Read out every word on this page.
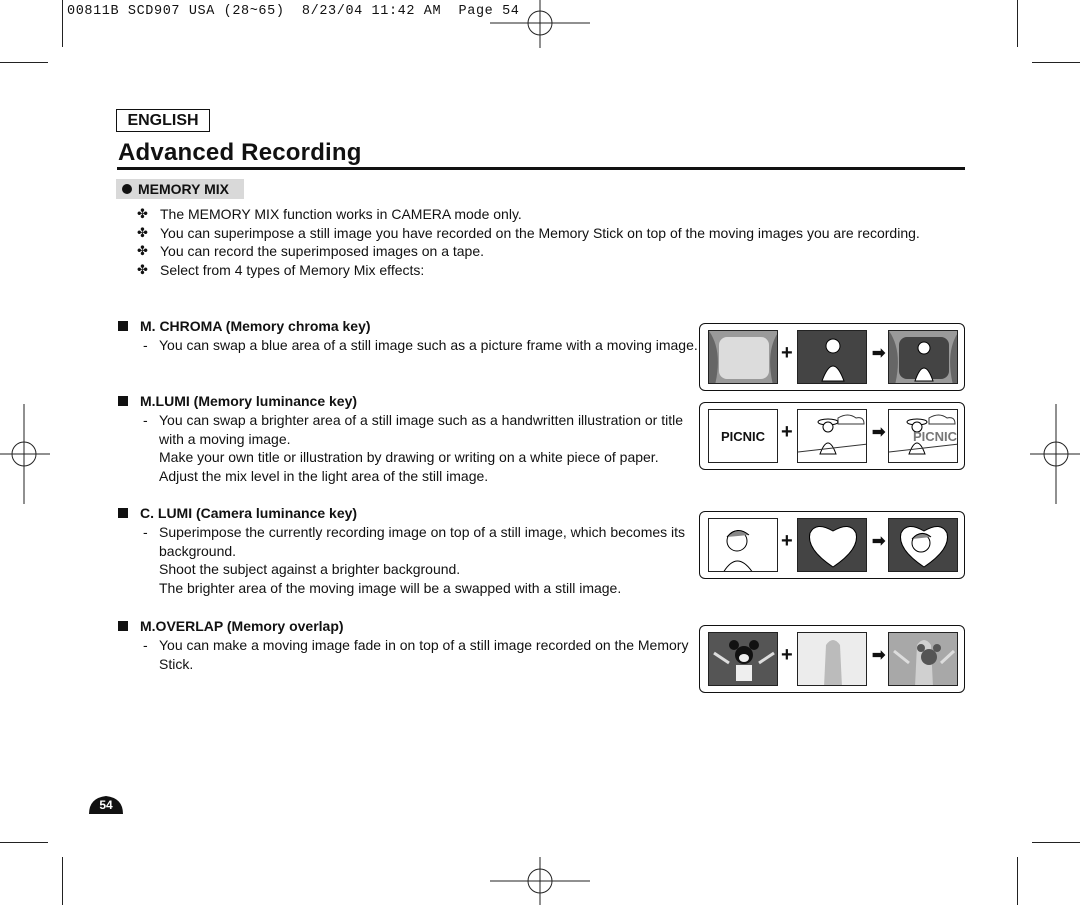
00811B SCD907 USA (28~65)  8/23/04 11:42 AM  Page 54
ENGLISH
Advanced Recording
MEMORY MIX
✤ The MEMORY MIX function works in CAMERA mode only.
✤ You can superimpose a still image you have recorded on the Memory Stick on top of the moving images you are recording.
✤ You can record the superimposed images on a tape.
✤ Select from 4 types of Memory Mix effects:
M. CHROMA (Memory chroma key)
- You can swap a blue area of a still image such as a picture frame with a moving image.
M.LUMI (Memory luminance key)
- You can swap a brighter area of a still image such as a handwritten illustration or title with a moving image.
Make your own title or illustration by drawing or writing on a white piece of paper. Adjust the mix level in the light area of the still image.
C. LUMI (Camera luminance key)
- Superimpose the currently recording image on top of a still image, which becomes its background.
Shoot the subject against a brighter background.
The brighter area of the moving image will be a swapped with a still image.
M.OVERLAP (Memory overlap)
- You can make a moving image fade in on top of a still image recorded on the Memory Stick.
+	➡
PICNIC +	➡	PICNIC
+	➡
+	➡
54
